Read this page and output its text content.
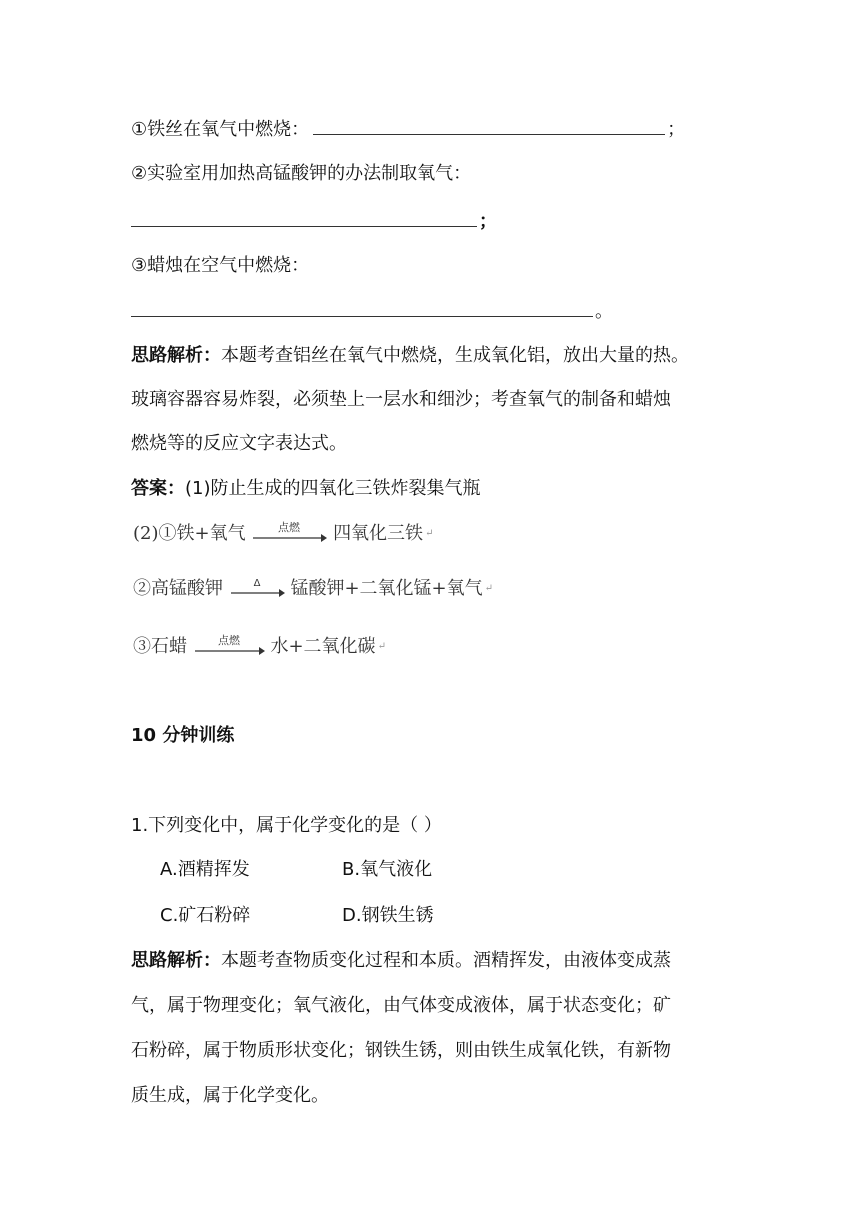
①铁丝在氧气中燃烧：	；
②实验室用加热高锰酸钾的办法制取氧气：
；
③蜡烛在空气中燃烧：
。
思路解析：本题考查铝丝在氧气中燃烧，生成氧化铝，放出大量的热。
玻璃容器容易炸裂，必须垫上一层水和细沙；考查氧气的制备和蜡烛
燃烧等的反应文字表达式。
答案：(1)防止生成的四氧化三铁炸裂集气瓶
(2)①铁+氧气	点燃 四氧化三铁 ↵
②高锰酸钾	Δ 锰酸钾+二氧化锰+氧气 ↵
③石蜡	点燃 水+二氧化碳 ↵
10 分钟训练
1.下列变化中，属于化学变化的是（ ）
A.酒精挥发	B.氧气液化
C.矿石粉碎	D.钢铁生锈
思路解析：本题考查物质变化过程和本质。酒精挥发，由液体变成蒸
气，属于物理变化；氧气液化，由气体变成液体，属于状态变化；矿
石粉碎，属于物质形状变化；钢铁生锈，则由铁生成氧化铁，有新物
质生成，属于化学变化。
